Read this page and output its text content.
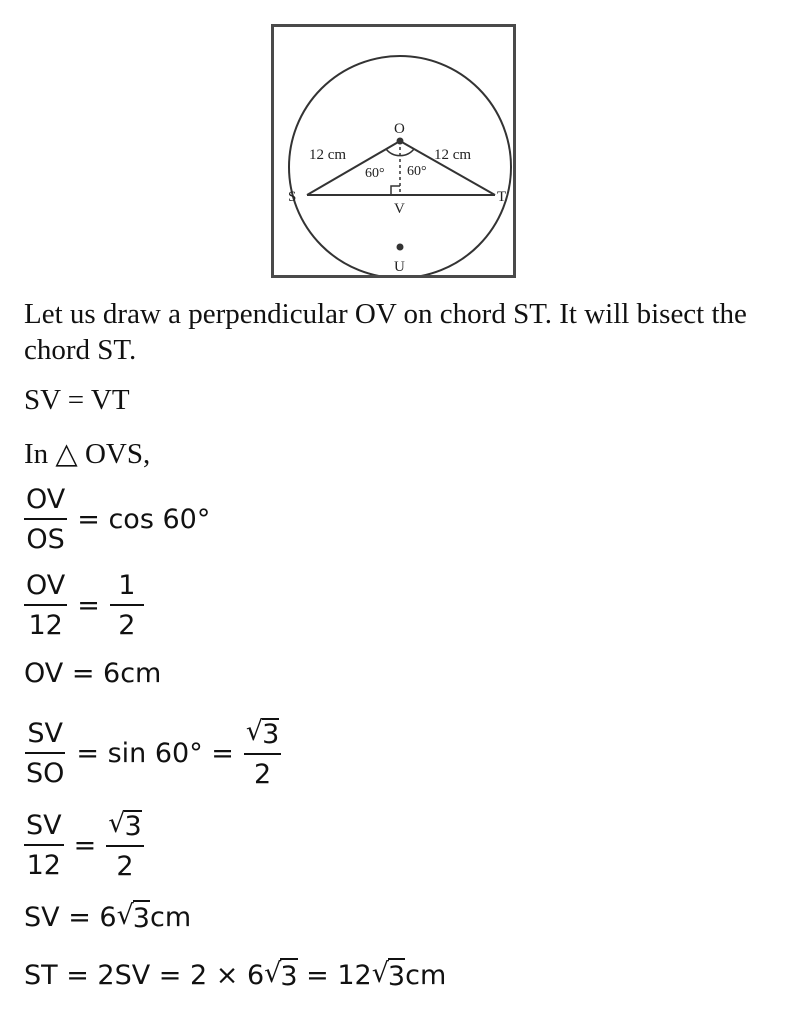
O
S	T
V
U
12 cm	12 cm
60° 60°
Let us draw a perpendicular OV on chord ST. It will bisect the chord ST.
SV = VT
In △ OVS,
$\frac{OV}{OS} = \cos 60^\circ$
$\frac{OV}{12} = \frac{1}{2}$
OV = 6cm
$\frac{SV}{SO} = \sin 60^\circ = \frac{√ 3}{2}$
$\frac{SV}{12} = \frac{√ 3}{2}$
SV = 6 √ 3 cm
ST = 2SV = 2 × 6 √ 3 = 12 √ 3 cm
